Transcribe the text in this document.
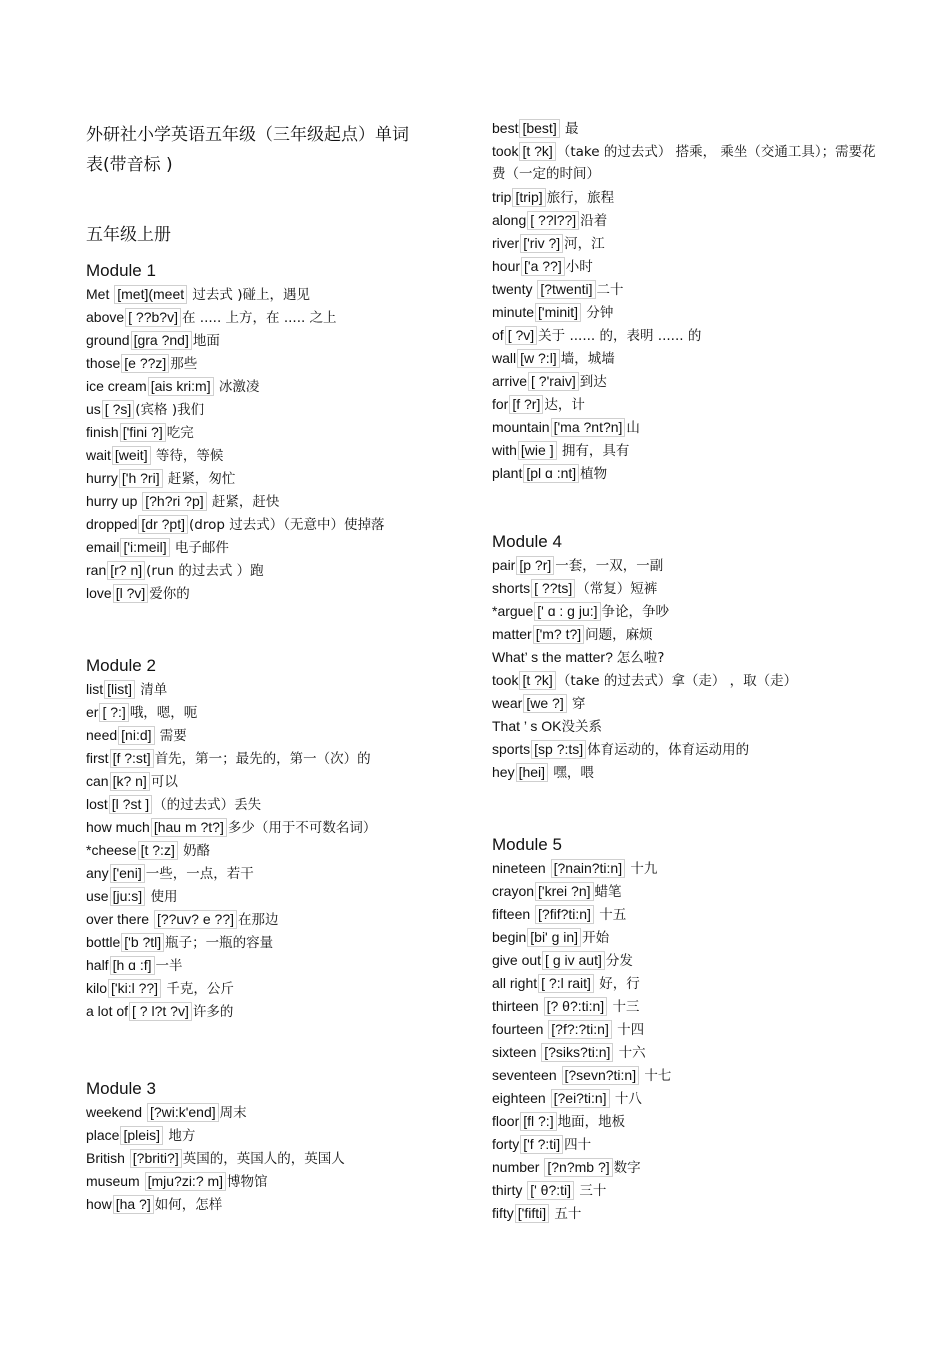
外研社小学英语五年级（三年级起点）单词
表(带音标 )
五年级上册
Module 1
Met [met](meet 过去式 )碰上，遇见
above [ ??b?v] 在 ..... 上方，在 ..... 之上
ground [gra ?nd] 地面
those [e ??z] 那些
ice cream [ais kri:m] 冰激凌
us [ ?s] (宾格 )我们
finish ['fini ?] 吃完
wait [weit] 等待，等候
hurry ['h ?ri] 赶紧，匆忙
hurry up [?h?ri ?p] 赶紧，赶快
dropped [dr ?pt] (drop 过去式）（无意中）使掉落
email ['i:meil] 电子邮件
ran [r? n] (run 的过去式 ）跑
love [l ?v] 爱你的
Module 2
list [list] 清单
er [ ?:] 哦，嗯，呃
need [ni:d] 需要
first [f ?:st] 首先，第一；最先的，第一（次）的
can [k? n] 可以
lost [l ?st ] （的过去式）丢失
how much [hau m ?t?] 多少（用于不可数名词）
*cheese [t ?:z] 奶酪
any ['eni] 一些，一点，若干
use [ju:s] 使用
over there [??uv? e ??] 在那边
bottle ['b ?tl] 瓶子；一瓶的容量
half [h ɑ :f] 一半
kilo ['ki:l ??] 千克，公斤
a lot of [ ? l?t ?v] 许多的
Module 3
weekend [?wi:k'end] 周末
place [pleis] 地方
British [?briti?] 英国的，英国人的，英国人
museum [mju?zi:? m] 博物馆
how [ha ?] 如何，怎样
best [best] 最
took [t ?k] （take 的过去式） 搭乘， 乘坐（交通工具）；需要花费（一定的时间）
trip [trip] 旅行，旅程
along [ ??l??] 沿着
river ['riv ?] 河，江
hour ['a ??] 小时
twenty [?twenti] 二十
minute ['minit] 分钟
of [ ?v] 关于 ...... 的，表明 ...... 的
wall [w ?:l] 墙，城墙
arrive [ ?'raiv] 到达
for [f ?r] 达，计
mountain ['ma ?nt?n] 山
with [wie ] 拥有，具有
plant [pl ɑ :nt] 植物
Module 4
pair [p ?r] 一套，一双，一副
shorts [ ??ts] （常复）短裤
*argue [' ɑ : g ju:] 争论，争吵
matter ['m? t?] 问题，麻烦
What’ s the matter? 怎么啦?
took [t ?k] （take 的过去式）拿（走） ，取（走）
wear [we ?] 穿
That ’ s OK没关系
sports [sp ?:ts] 体育运动的，体育运动用的
hey [hei] 嘿，喂
Module 5
nineteen [?nain?ti:n] 十九
crayon ['krei ?n] 蜡笔
fifteen [?fif?ti:n] 十五
begin [bi' ɡ in] 开始
give out [ ɡ iv aut] 分发
all right [ ?:l rait] 好，行
thirteen [? θ?:ti:n] 十三
fourteen [?f?:?ti:n] 十四
sixteen [?siks?ti:n] 十六
seventeen [?sevn?ti:n] 十七
eighteen [?ei?ti:n] 十八
floor [fl ?:] 地面，地板
forty ['f ?:ti] 四十
number [?n?mb ?] 数字
thirty [' θ?:ti] 三十
fifty ['fifti] 五十
